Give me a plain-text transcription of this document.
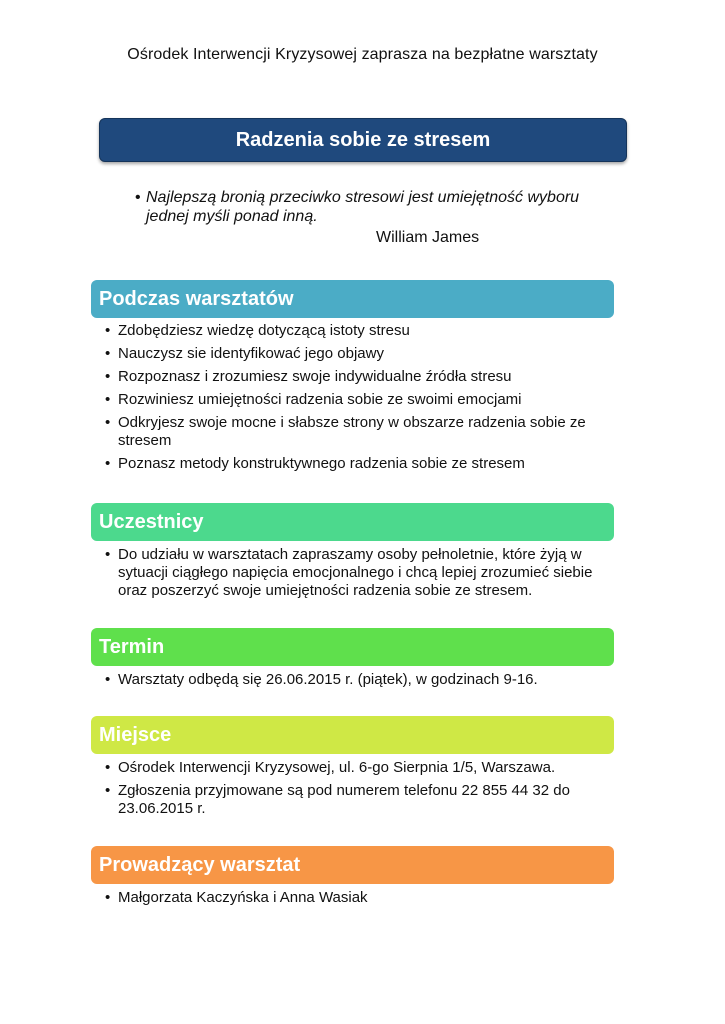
Ośrodek Interwencji Kryzysowej zaprasza na bezpłatne warsztaty
Radzenia sobie ze stresem
• Najlepszą bronią przeciwko stresowi jest umiejętność wyboru jednej myśli ponad inną.
William James
Podczas warsztatów
• Zdobędziesz wiedzę dotyczącą istoty stresu
• Nauczysz sie identyfikować jego objawy
• Rozpoznasz i zrozumiesz swoje indywidualne źródła stresu
• Rozwiniesz umiejętności radzenia sobie ze swoimi emocjami
• Odkryjesz swoje mocne i słabsze strony w obszarze radzenia sobie ze stresem
• Poznasz metody konstruktywnego radzenia sobie ze stresem
Uczestnicy
• Do udziału w warsztatach zapraszamy osoby pełnoletnie, które żyją w sytuacji ciągłego napięcia emocjonalnego i chcą lepiej zrozumieć siebie oraz poszerzyć swoje umiejętności radzenia sobie ze stresem.
Termin
• Warsztaty odbędą się 26.06.2015 r. (piątek), w godzinach 9-16.
Miejsce
• Ośrodek Interwencji Kryzysowej, ul. 6-go Sierpnia 1/5, Warszawa.
• Zgłoszenia przyjmowane są pod numerem telefonu 22 855 44 32 do 23.06.2015 r.
Prowadzący warsztat
• Małgorzata Kaczyńska i Anna Wasiak
